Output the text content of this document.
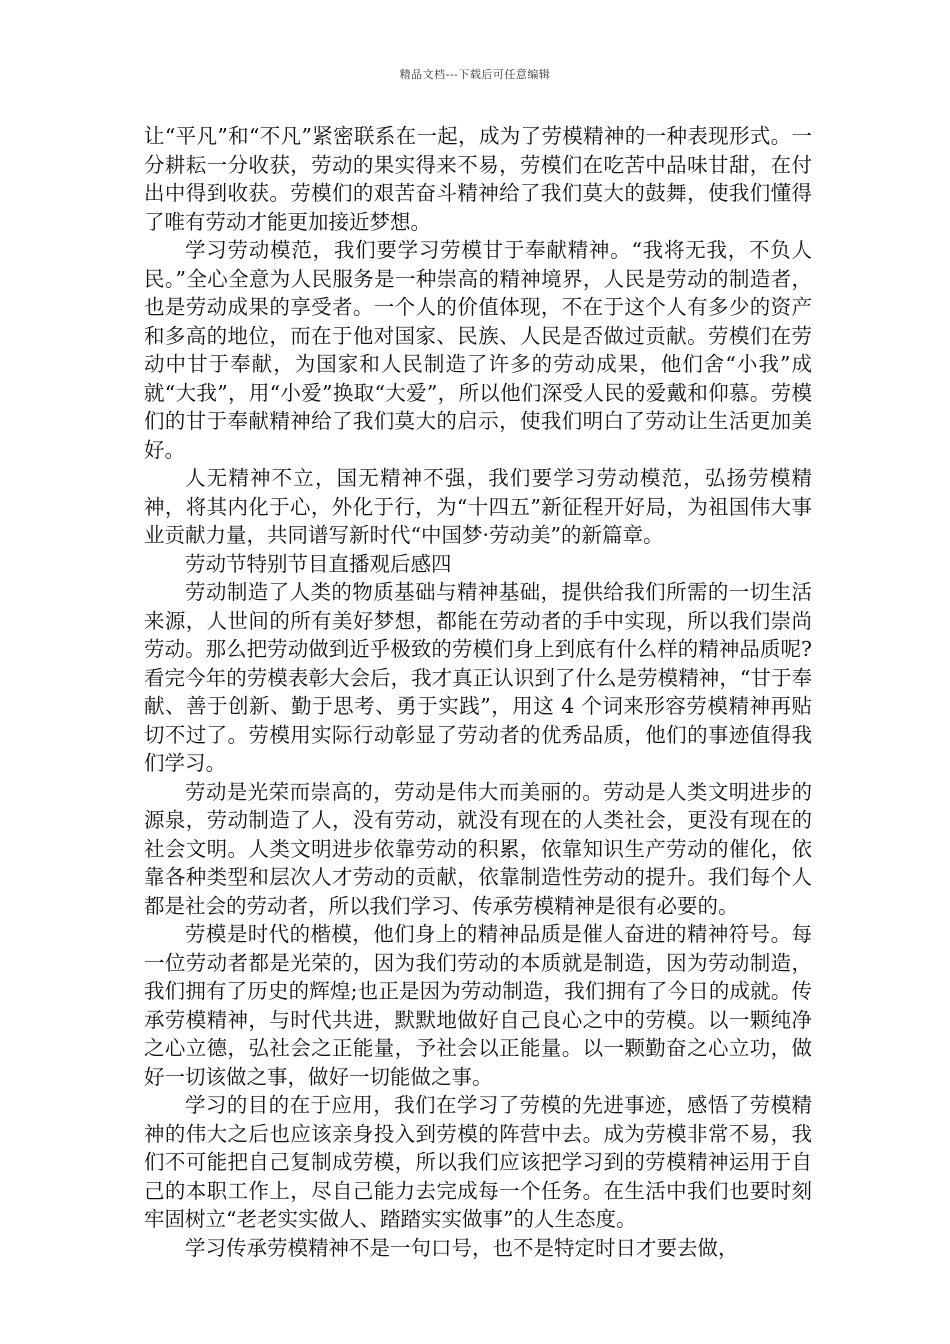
精品文档---下载后可任意编辑

让“平凡”和“不凡”紧密联系在一起，成为了劳模精神的一种表现形式。一分耕耘一分收获，劳动的果实得来不易，劳模们在吃苦中品味甘甜，在付出中得到收获。劳模们的艰苦奋斗精神给了我们莫大的鼓舞，使我们懂得了唯有劳动才能更加接近梦想。

学习劳动模范，我们要学习劳模甘于奉献精神。“我将无我，不负人民。”全心全意为人民服务是一种崇高的精神境界，人民是劳动的制造者，也是劳动成果的享受者。一个人的价值体现，不在于这个人有多少的资产和多高的地位，而在于他对国家、民族、人民是否做过贡献。劳模们在劳动中甘于奉献，为国家和人民制造了许多的劳动成果，他们舍“小我”成就“大我”，用“小爱”换取“大爱”，所以他们深受人民的爱戴和仰慕。劳模们的甘于奉献精神给了我们莫大的启示，使我们明白了劳动让生活更加美好。

人无精神不立，国无精神不强，我们要学习劳动模范，弘扬劳模精神，将其内化于心，外化于行，为“十四五”新征程开好局，为祖国伟大事业贡献力量，共同谱写新时代“中国梦·劳动美”的新篇章。

劳动节特别节目直播观后感四

劳动制造了人类的物质基础与精神基础，提供给我们所需的一切生活来源，人世间的所有美好梦想，都能在劳动者的手中实现，所以我们崇尚劳动。那么把劳动做到近乎极致的劳模们身上到底有什么样的精神品质呢?看完今年的劳模表彰大会后，我才真正认识到了什么是劳模精神，“甘于奉献、善于创新、勤于思考、勇于实践”，用这 4 个词来形容劳模精神再贴切不过了。劳模用实际行动彰显了劳动者的优秀品质，他们的事迹值得我们学习。

劳动是光荣而崇高的，劳动是伟大而美丽的。劳动是人类文明进步的源泉，劳动制造了人，没有劳动，就没有现在的人类社会，更没有现在的社会文明。人类文明进步依靠劳动的积累，依靠知识生产劳动的催化，依靠各种类型和层次人才劳动的贡献，依靠制造性劳动的提升。我们每个人都是社会的劳动者，所以我们学习、传承劳模精神是很有必要的。

劳模是时代的楷模，他们身上的精神品质是催人奋进的精神符号。每一位劳动者都是光荣的，因为我们劳动的本质就是制造，因为劳动制造，我们拥有了历史的辉煌;也正是因为劳动制造，我们拥有了今日的成就。传承劳模精神，与时代共进，默默地做好自己良心之中的劳模。以一颗纯净之心立德，弘社会之正能量，予社会以正能量。以一颗勤奋之心立功，做好一切该做之事，做好一切能做之事。

学习的目的在于应用，我们在学习了劳模的先进事迹，感悟了劳模精神的伟大之后也应该亲身投入到劳模的阵营中去。成为劳模非常不易，我们不可能把自己复制成劳模，所以我们应该把学习到的劳模精神运用于自己的本职工作上，尽自己能力去完成每一个任务。在生活中我们也要时刻牢固树立“老老实实做人、踏踏实实做事”的人生态度。

学习传承劳模精神不是一句口号，也不是特定时日才要去做，
